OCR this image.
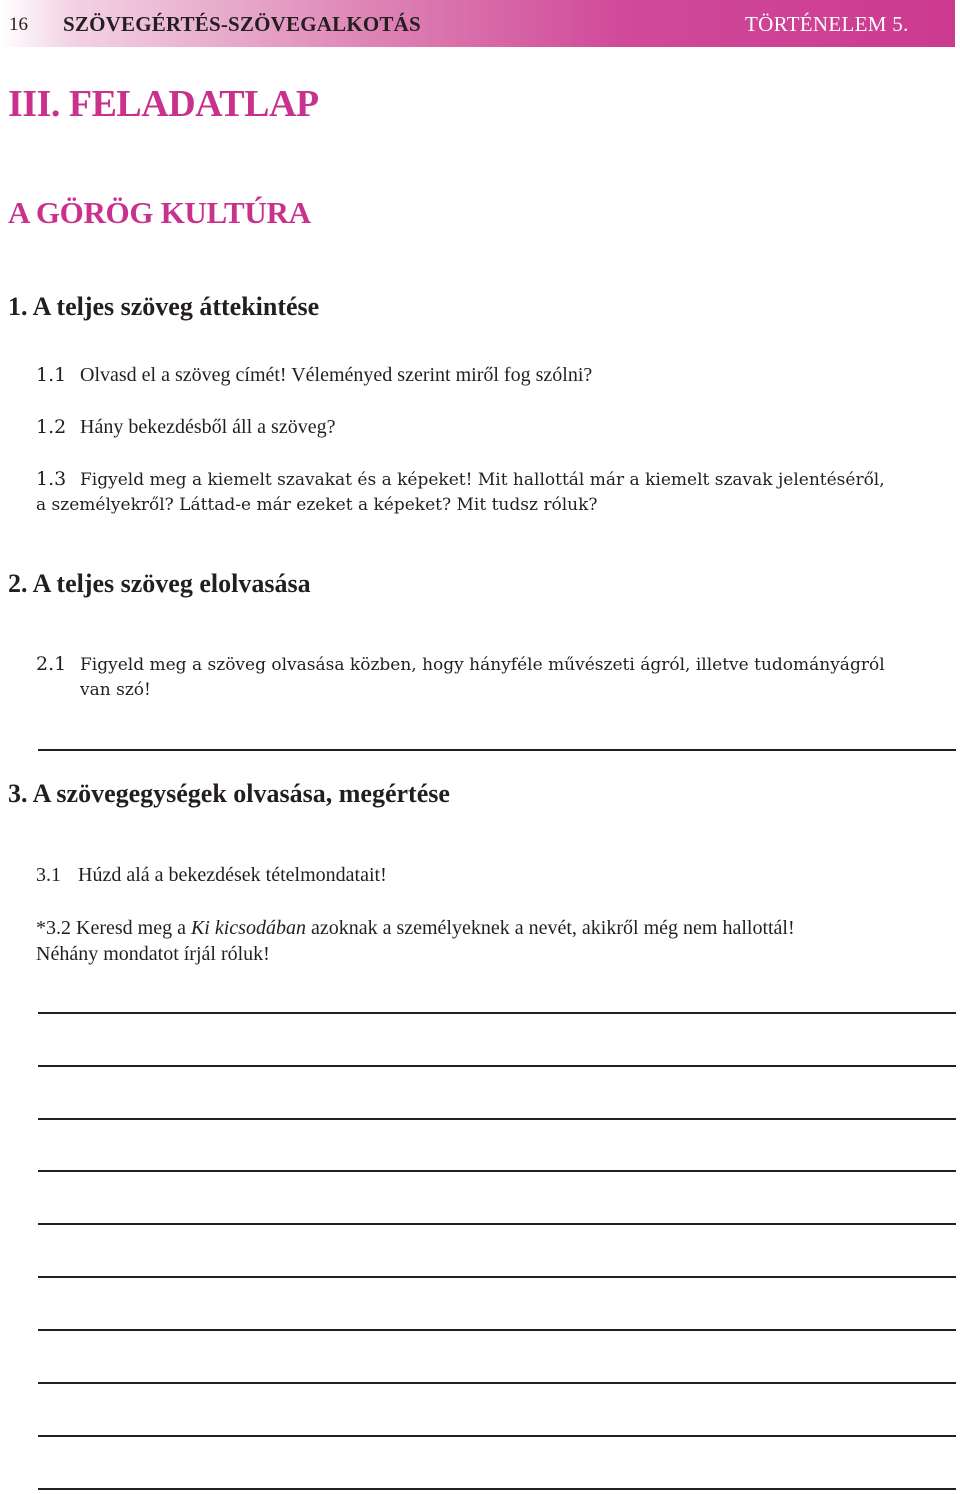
16 SZÖVEGÉRTÉS-SZÖVEGALKOTÁS	TÖRTÉNELEM 5.
III. FELADATLAP
A GÖRÖG KULTÚRA
1. A teljes szöveg áttekintése
1.1 Olvasd el a szöveg címét! Véleményed szerint miről fog szólni?
1.2 Hány bekezdésből áll a szöveg?
1.3 Figyeld meg a kiemelt szavakat és a képeket! Mit hallottál már a kiemelt szavak jelentéséről,
a személyekről? Láttad-e már ezeket a képeket? Mit tudsz róluk?
2. A teljes szöveg elolvasása
2.1 Figyeld meg a szöveg olvasása közben, hogy hányféle művészeti ágról, illetve tudományágról
van szó!
3. A szövegegységek olvasása, megértése
3.1 Húzd alá a bekezdések tételmondatait!
*3.2 Keresd meg a Ki kicsodában azoknak a személyeknek a nevét, akikről még nem hallottál!
Néhány mondatot írjál róluk!
